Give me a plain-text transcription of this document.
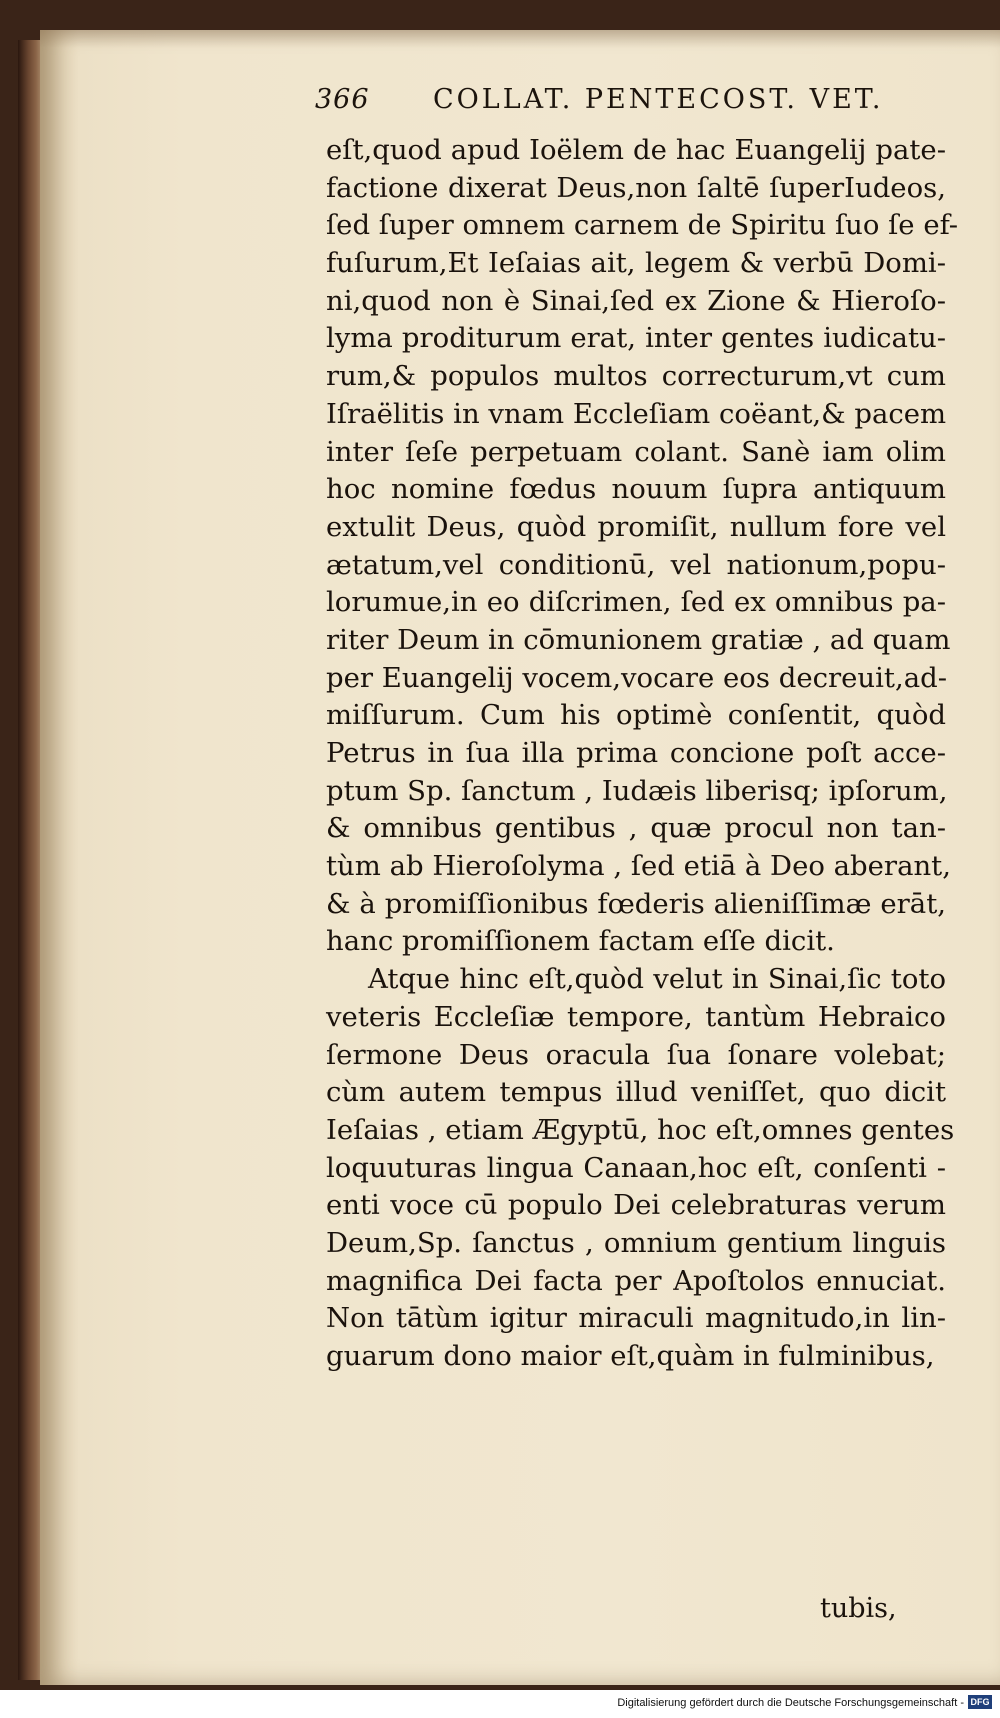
366 COLLAT. PENTECOST. VET.
eſt,quod apud Ioëlem de hac Euangelij pate-
factione dixerat Deus,non ſaltē ſuperIudeos,
ſed ſuper omnem carnem de Spiritu ſuo ſe ef-
fuſurum,Et Ieſaias ait, legem & verbū Domi-
ni,quod non è Sinai,ſed ex Zione & Hieroſo-
lyma proditurum erat, inter gentes iudicatu-
rum,& populos multos correcturum,vt cum
Iſraëlitis in vnam Eccleſiam coëant,& pacem
inter ſeſe perpetuam colant. Sanè iam olim
hoc nomine fœdus nouum ſupra antiquum
extulit Deus, quòd promiſit, nullum fore vel
ætatum,vel conditionū, vel nationum,popu-
lorumue,in eo diſcrimen, ſed ex omnibus pa-
riter Deum in cōmunionem gratiæ , ad quam
per Euangelij vocem,vocare eos decreuit,ad-
miſſurum. Cum his optimè conſentit, quòd
Petrus in ſua illa prima concione poſt acce-
ptum Sp. ſanctum , Iudæis liberisq; ipſorum,
& omnibus gentibus , quæ procul non tan-
tùm ab Hieroſolyma , ſed etiā à Deo aberant,
& à promiſſionibus fœderis alieniſſimæ erāt,
hanc promiſſionem factam eſſe dicit.
Atque hinc eſt,quòd velut in Sinai,ſic toto
veteris Eccleſiæ tempore, tantùm Hebraico
ſermone Deus oracula ſua ſonare volebat;
cùm autem tempus illud veniſſet, quo dicit
Ieſaias , etiam Ægyptū, hoc eſt,omnes gentes
loquuturas lingua Canaan,hoc eſt, conſenti -
enti voce cū populo Dei celebraturas verum
Deum,Sp. ſanctus , omnium gentium linguis
magnifica Dei facta per Apoſtolos ennuciat.
Non tātùm igitur miraculi magnitudo,in lin-
guarum dono maior eſt,quàm in fulminibus,
tubis,
Digitalisierung gefördert durch die Deutsche Forschungsgemeinschaft - DFG
